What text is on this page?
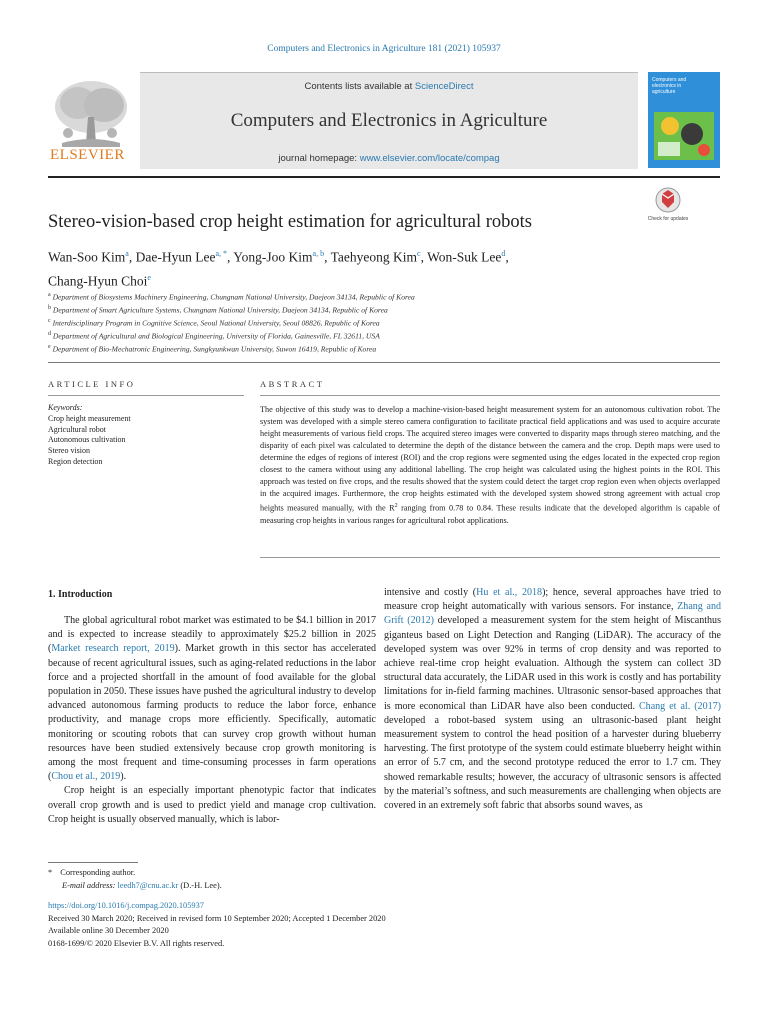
Computers and Electronics in Agriculture 181 (2021) 105937
ELSEVIER
Contents lists available at ScienceDirect
Computers and Electronics in Agriculture
journal homepage: www.elsevier.com/locate/compag
Computers and electronics in agriculture
Stereo-vision-based crop height estimation for agricultural robots	Check for updates
Wan-Soo Kim$^a$, Dae-Hyun Lee$^{a, *}$, Yong-Joo Kim$^{a, b}$, Taehyeong Kim$^c$, Won-Suk Lee$^d$,
Chang-Hyun Choi$^e$
$^a$ Department of Biosystems Machinery Engineering, Chungnam National University, Daejeon 34134, Republic of Korea
$^b$ Department of Smart Agriculture Systems, Chungnam National University, Daejeon 34134, Republic of Korea
$^c$ Interdisciplinary Program in Cognitive Science, Seoul National University, Seoul 08826, Republic of Korea
$^d$ Department of Agricultural and Biological Engineering, University of Florida, Gainesville, FL 32611, USA
$^e$ Department of Bio-Mechatronic Engineering, Sungkyunkwan University, Suwon 16419, Republic of Korea
ARTICLE INFO	ABSTRACT
Keywords:
Crop height measurement
Agricultural robot
Autonomous cultivation
Stereo vision
Region detection
The objective of this study was to develop a machine-vision-based height measurement system for an autonomous cultivation robot. The system was developed with a simple stereo camera configuration to facilitate practical field applications and was used to acquire accurate height measurements of various field crops. The acquired stereo images were converted to disparity maps through stereo matching, and the disparity of each pixel was calculated to determine the depth of the distance between the camera and the crop. Depth maps were used to determine the edges of regions of interest (ROI) and the crop regions were segmented using the edges located in the expected crop region closest to the camera without using any additional labelling. The crop height was calculated using the highest points in the ROI. This approach was tested on five crops, and the results showed that the system could detect the target crop region even when objects overlapped in the acquired images. Furthermore, the crop heights estimated with the developed system showed strong agreement with actual crop heights measured manually, with the $R^2$ ranging from 0.78 to 0.84. These results indicate that the developed algorithm is capable of measuring crop heights in various ranges for agricultural robot applications.
1. Introduction

The global agricultural robot market was estimated to be $4.1 billion in 2017 and is expected to increase steadily to approximately $25.2 billion in 2025 (Market research report, 2019). Market growth in this sector has accelerated because of recent agricultural issues, such as aging-related reductions in the labor force and a projected shortfall in the amount of food available for the global population in 2050. These issues have pushed the agricultural industry to develop advanced autonomous farming products to reduce the labor force, enhance productivity, and manage crops more efficiently. Specifically, automatic monitoring or scouting robots that can survey crop growth without human resources have been studied extensively because crop growth monitoring is among the most frequent and time-consuming processes in farm operations (Chou et al., 2019).

Crop height is an especially important phenotypic factor that indicates overall crop growth and is used to predict yield and manage crop cultivation. Crop height is usually observed manually, which is labor-

intensive and costly (Hu et al., 2018); hence, several approaches have tried to measure crop height automatically with various sensors. For instance, Zhang and Grift (2012) developed a measurement system for the stem height of Miscanthus giganteus based on Light Detection and Ranging (LiDAR). The accuracy of the developed system was over 92% in terms of crop density and was reported to achieve real-time crop height evaluation. Although the system can collect 3D structural data accurately, the LiDAR used in this work is costly and has portability limitations for in-field farming machines. Ultrasonic sensor-based approaches that is more economical than LiDAR have also been conducted. Chang et al. (2017) developed a robot-based system using an ultrasonic-based plant height measurement system to control the head position of a harvester during blueberry harvesting. The first prototype of the system could estimate blueberry height within an error of 5.7 cm, and the second prototype reduced the error to 1.7 cm. They showed remarkable results; however, the accuracy of ultrasonic sensors is affected by the material’s softness, and such measurements are challenging when objects are covered in an extremely soft fabric that absorbs sound waves, as

* Corresponding author.
E-mail address: leedh7@cnu.ac.kr (D.-H. Lee).
https://doi.org/10.1016/j.compag.2020.105937
Received 30 March 2020; Received in revised form 10 September 2020; Accepted 1 December 2020
Available online 30 December 2020
0168-1699/© 2020 Elsevier B.V. All rights reserved.
